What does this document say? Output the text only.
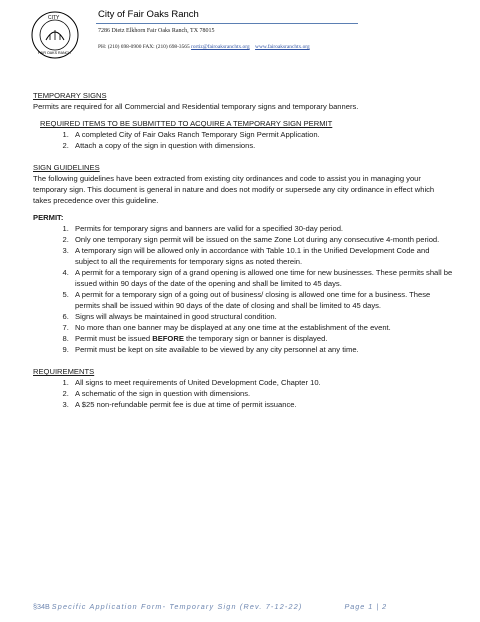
CITY
FAIR OAKS RANCH
City of Fair Oaks Ranch
7286 Dietz Elkhorn Fair Oaks Ranch, TX 78015
PH: (210) 698-0900 FAX: (210) 698-3565 rortiz@fairoaksranchtx.org www.fairoaksranchtx.org

TEMPORARY SIGNS

Permits are required for all Commercial and Residential temporary signs and temporary banners.

REQUIRED ITEMS TO BE SUBMITTED TO ACQUIRE A TEMPORARY SIGN PERMIT

1. A completed City of Fair Oaks Ranch Temporary Sign Permit Application.
2. Attach a copy of the sign in question with dimensions.

SIGN GUIDELINES

The following guidelines have been extracted from existing city ordinances and code to assist you in managing your temporary sign. This document is general in nature and does not modify or supersede any city ordinance in effect which takes precedence over this guideline.

PERMIT:

1. Permits for temporary signs and banners are valid for a specified 30-day period.
2. Only one temporary sign permit will be issued on the same Zone Lot during any consecutive 4-month period.
3. A temporary sign will be allowed only in accordance with Table 10.1 in the Unified Development Code and subject to all the requirements for temporary signs as noted therein.
4. A permit for a temporary sign of a grand opening is allowed one time for new businesses. These permits shall be issued within 90 days of the date of the opening and shall be limited to 45 days.
5. A permit for a temporary sign of a going out of business/ closing is allowed one time for a business. These permits shall be issued within 90 days of the date of closing and shall be limited to 45 days.
6. Signs will always be maintained in good structural condition.
7. No more than one banner may be displayed at any one time at the establishment of the event.
8. Permit must be issued BEFORE the temporary sign or banner is displayed.
9. Permit must be kept on site available to be viewed by any city personnel at any time.

REQUIREMENTS

1. All signs to meet requirements of United Development Code, Chapter 10.
2. A schematic of the sign in question with dimensions.
3. A $25 non-refundable permit fee is due at time of permit issuance.
§34B Specific Application Form- Temporary Sign (Rev. 7-12-22)	Page 1 | 2
